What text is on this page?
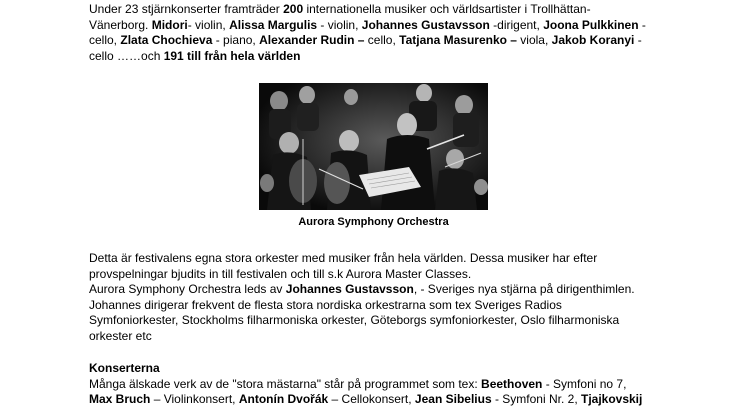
Under 23 stjärnkonserter framträder 200 internationella musiker och världsartister i Trollhättan-
Vänerborg. Midori- violin, Alissa Margulis - violin, Johannes Gustavsson -dirigent, Joona Pulkkinen -
cello, Zlata Chochieva - piano, Alexander Rudin – cello, Tatjana Masurenko – viola, Jakob Koranyi -
cello ……och 191 till från hela världen
Aurora Symphony Orchestra
Detta är festivalens egna stora orkester med musiker från hela världen. Dessa musiker har efter
provspelningar bjudits in till festivalen och till s.k Aurora Master Classes.
Aurora Symphony Orchestra leds av Johannes Gustavsson, - Sveriges nya stjärna på dirigenthimlen.
Johannes dirigerar frekvent de flesta stora nordiska orkestrarna som tex Sveriges Radios
Symfoniorkester, Stockholms filharmoniska orkester, Göteborgs symfoniorkester, Oslo filharmoniska
orkester etc
Konserterna
Många älskade verk av de "stora mästarna" står på programmet som tex: Beethoven - Symfoni no 7,
Max Bruch – Violinkonsert, Antonín Dvořák – Cellokonsert, Jean Sibelius - Symfoni Nr. 2, Tjajkovskij
